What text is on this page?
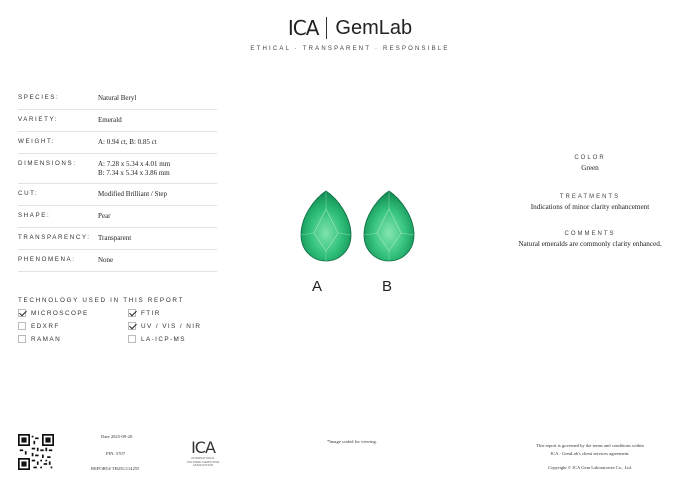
ICA GemLab
ETHICAL · TRANSPARENT · RESPONSIBLE
SPECIES:	Natural Beryl
VARIETY:	Emerald
WEIGHT:	A: 0.94 ct, B: 0.85 ct
DIMENSIONS:	A: 7.28 x 5.34 x 4.01 mm
B: 7.34 x 5.34 x 3.86 mm
CUT:	Modified Brilliant / Step
SHAPE:	Pear
TRANSPARENCY:	Transparent
PHENOMENA:	None
TECHNOLOGY USED IN THIS REPORT
MICROSCOPE	FTIR
EDXRF	UV / VIS / NIR
RAMAN	LA-ICP-MS
A	B
COLOR
Green
TREATMENTS
Indications of minor clarity enhancement
COMMENTS
Natural emeralds are commonly clarity enhanced.
Date 2025-09-20
PIN: 5707
REPORT# TH25G114255
ICA
INTERNATIONAL
COLORED GEMSTONE
ASSOCIATION
*Image scaled for viewing.
This report is governed by the terms and conditions within
ICA · GemLab's client services agreement.
Copyright © ICA Gem Laboratories Co., Ltd.
